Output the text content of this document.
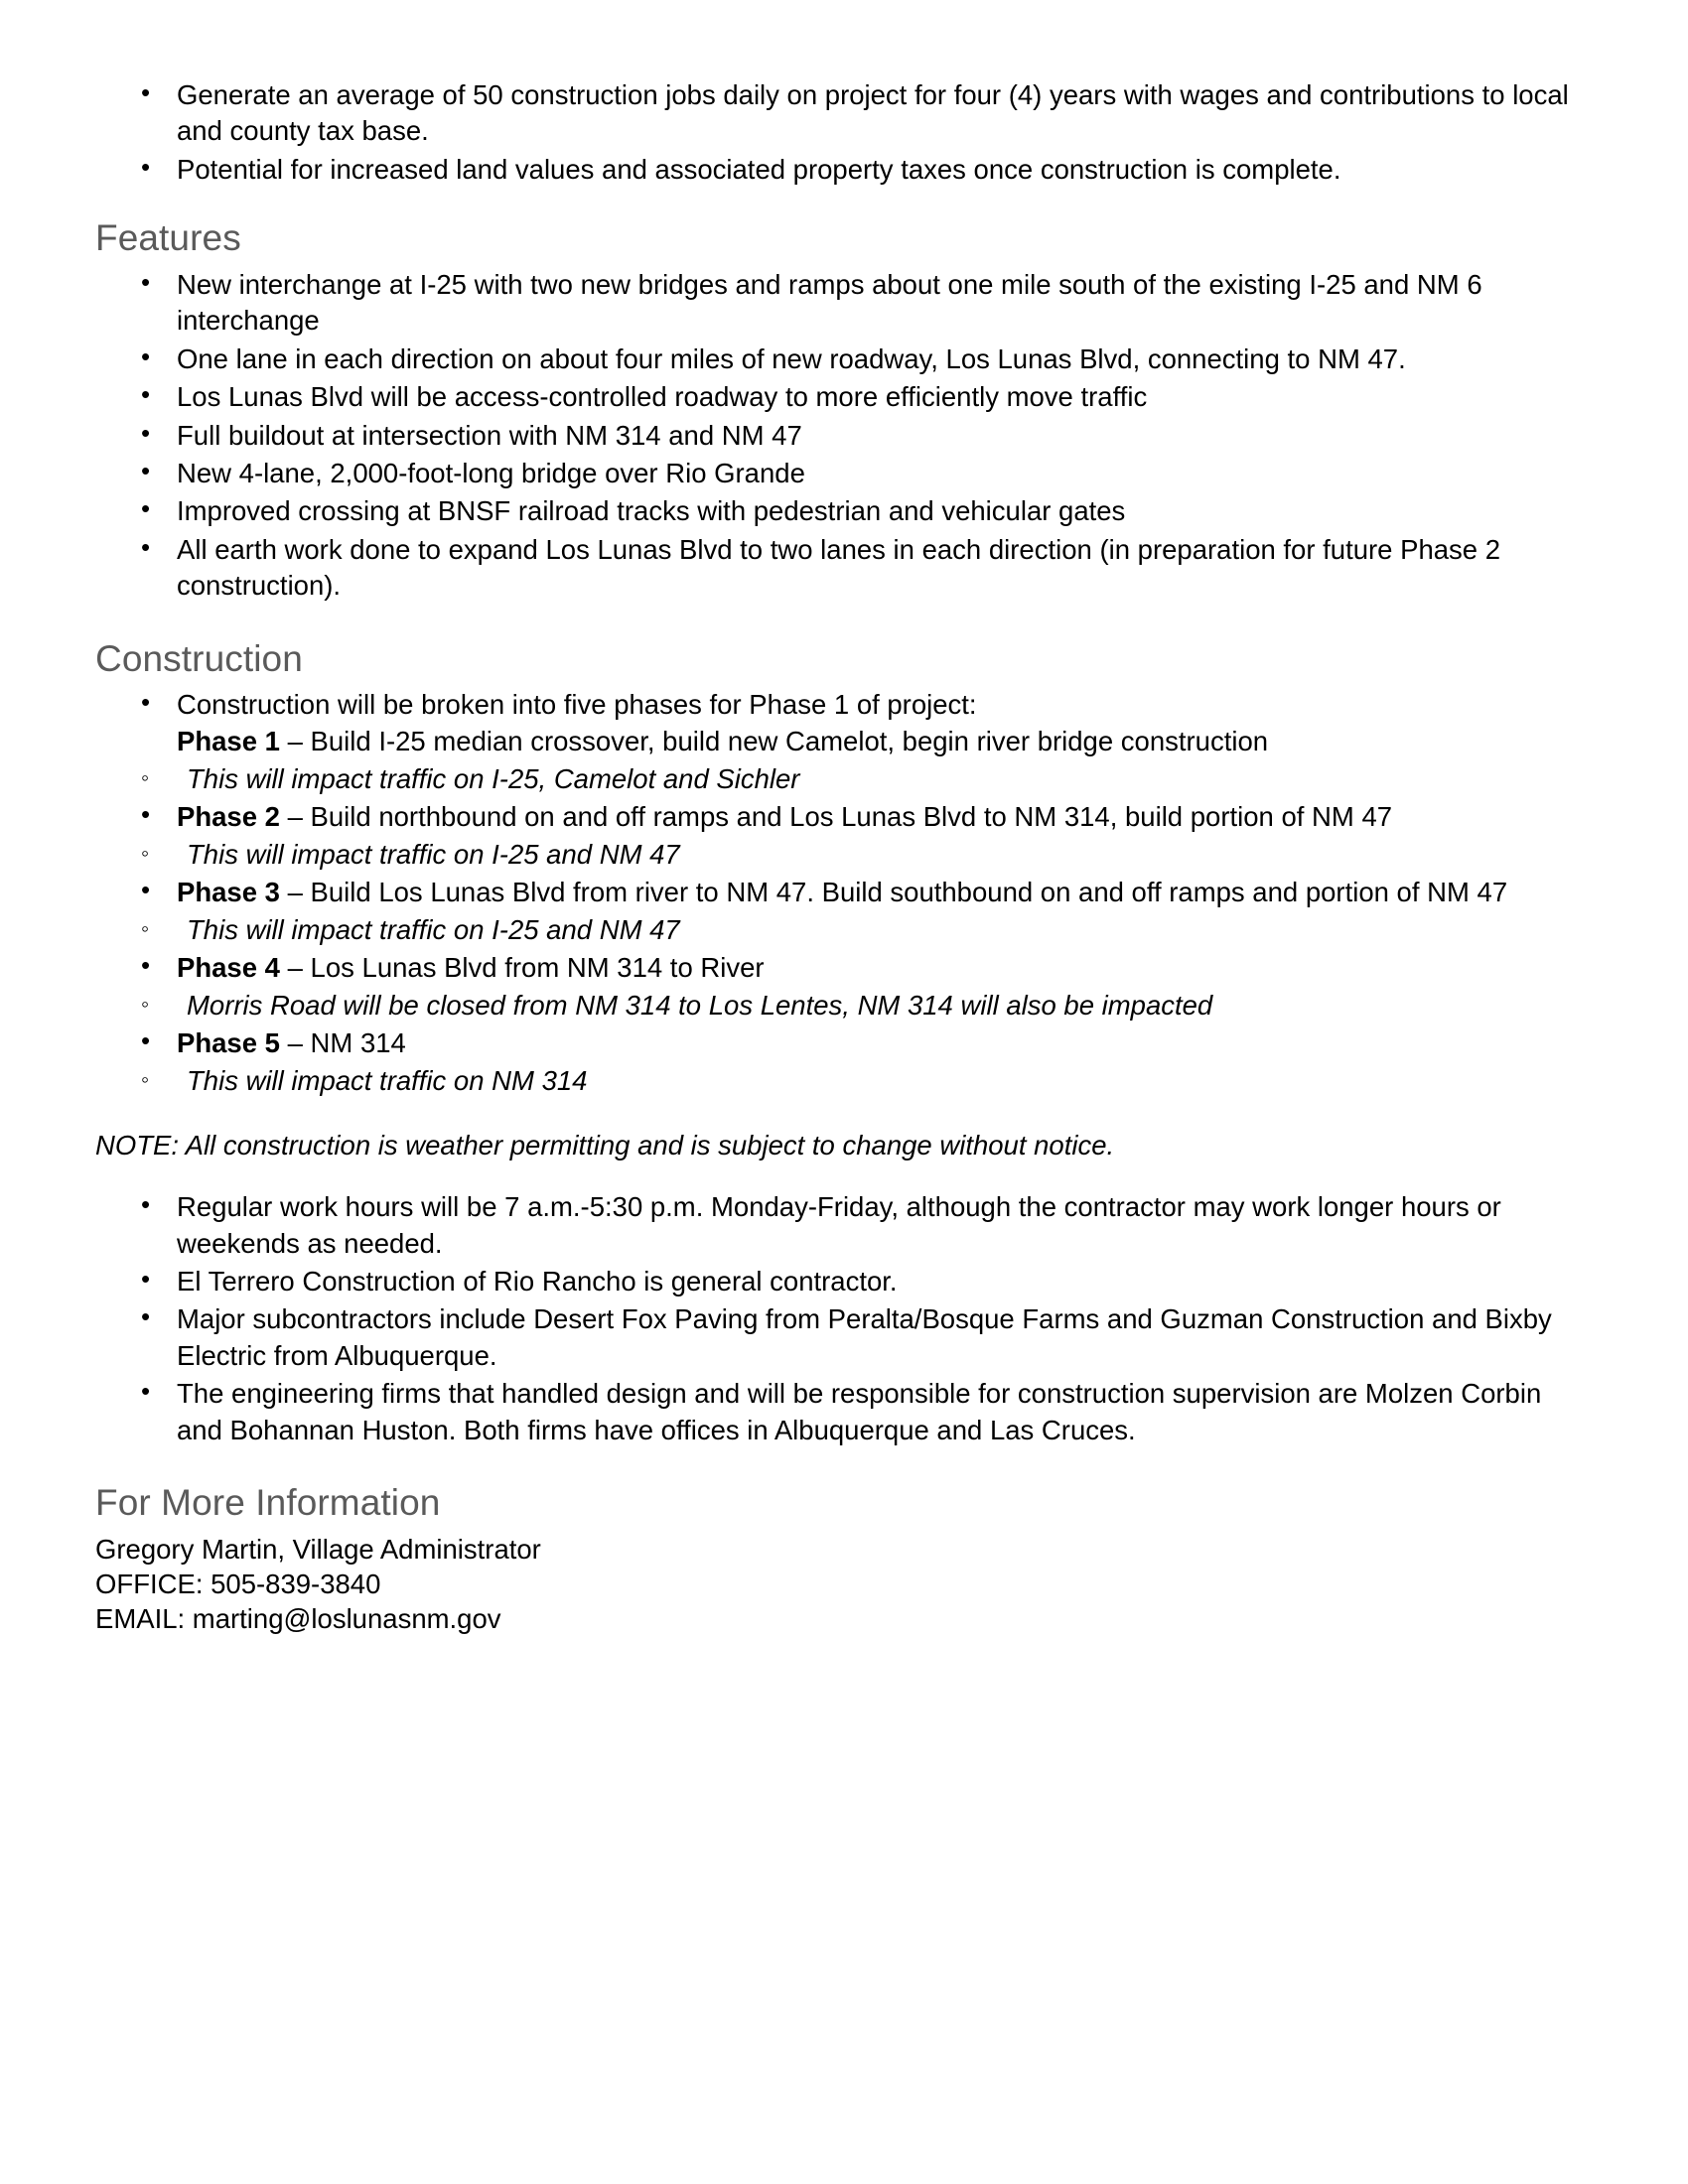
• Generate an average of 50 construction jobs daily on project for four (4) years with wages and contributions to local and county tax base.
• Potential for increased land values and associated property taxes once construction is complete.
Features
• New interchange at I-25 with two new bridges and ramps about one mile south of the existing I-25 and NM 6 interchange
• One lane in each direction on about four miles of new roadway, Los Lunas Blvd, connecting to NM 47.
• Los Lunas Blvd will be access-controlled roadway to more efficiently move traffic
• Full buildout at intersection with NM 314 and NM 47
• New 4-lane, 2,000-foot-long bridge over Rio Grande
• Improved crossing at BNSF railroad tracks with pedestrian and vehicular gates
• All earth work done to expand Los Lunas Blvd to two lanes in each direction (in preparation for future Phase 2 construction).
Construction
• Construction will be broken into five phases for Phase 1 of project:
Phase 1 – Build I-25 median crossover, build new Camelot, begin river bridge construction
◦ This will impact traffic on I-25, Camelot and Sichler
• Phase 2 – Build northbound on and off ramps and Los Lunas Blvd to NM 314, build portion of NM 47
◦ This will impact traffic on I-25 and NM 47
• Phase 3 – Build Los Lunas Blvd from river to NM 47. Build southbound on and off ramps and portion of NM 47
◦ This will impact traffic on I-25 and NM 47
• Phase 4 – Los Lunas Blvd from NM 314 to River
◦ Morris Road will be closed from NM 314 to Los Lentes, NM 314 will also be impacted
• Phase 5 – NM 314
◦ This will impact traffic on NM 314

NOTE: All construction is weather permitting and is subject to change without notice.

• Regular work hours will be 7 a.m.-5:30 p.m. Monday-Friday, although the contractor may work longer hours or weekends as needed.
• El Terrero Construction of Rio Rancho is general contractor.
• Major subcontractors include Desert Fox Paving from Peralta/Bosque Farms and Guzman Construction and Bixby Electric from Albuquerque.
• The engineering firms that handled design and will be responsible for construction supervision are Molzen Corbin and Bohannan Huston. Both firms have offices in Albuquerque and Las Cruces.
For More Information
Gregory Martin, Village Administrator
OFFICE: 505-839-3840
EMAIL: marting@loslunasnm.gov
